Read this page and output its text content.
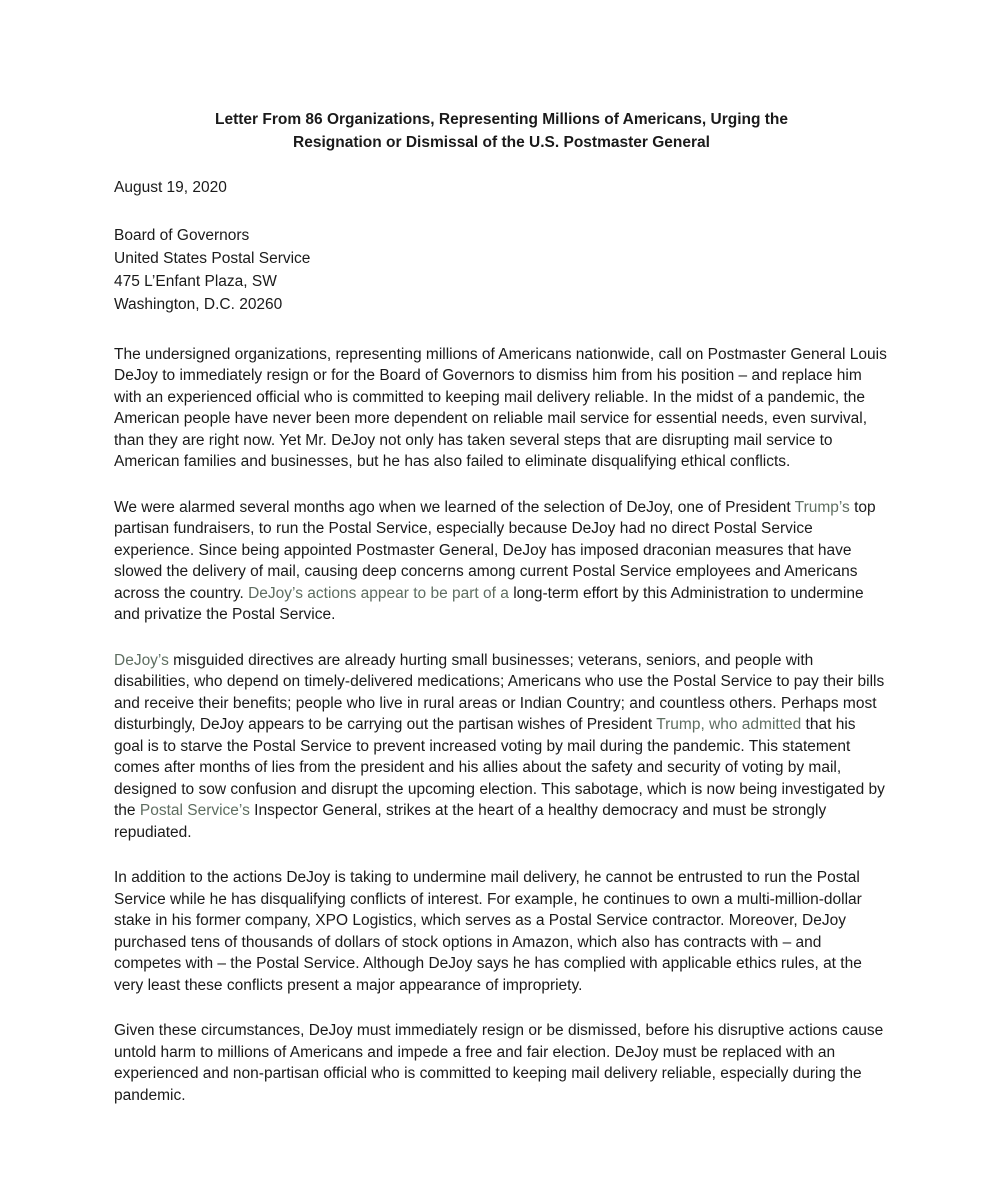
Letter From 86 Organizations, Representing Millions of Americans, Urging the
Resignation or Dismissal of the U.S. Postmaster General
August 19, 2020
Board of Governors
United States Postal Service
475 L’Enfant Plaza, SW
Washington, D.C. 20260

The undersigned organizations, representing millions of Americans nationwide, call on Postmaster General Louis DeJoy to immediately resign or for the Board of Governors to dismiss him from his position – and replace him with an experienced official who is committed to keeping mail delivery reliable. In the midst of a pandemic, the American people have never been more dependent on reliable mail service for essential needs, even survival, than they are right now. Yet Mr. DeJoy not only has taken several steps that are disrupting mail service to American families and businesses, but he has also failed to eliminate disqualifying ethical conflicts.

We were alarmed several months ago when we learned of the selection of DeJoy, one of President Trump’s top partisan fundraisers, to run the Postal Service, especially because DeJoy had no direct Postal Service experience. Since being appointed Postmaster General, DeJoy has imposed draconian measures that have slowed the delivery of mail, causing deep concerns among current Postal Service employees and Americans across the country. DeJoy’s actions appear to be part of a long-term effort by this Administration to undermine and privatize the Postal Service.

DeJoy’s misguided directives are already hurting small businesses; veterans, seniors, and people with disabilities, who depend on timely-delivered medications; Americans who use the Postal Service to pay their bills and receive their benefits; people who live in rural areas or Indian Country; and countless others. Perhaps most disturbingly, DeJoy appears to be carrying out the partisan wishes of President Trump, who admitted that his goal is to starve the Postal Service to prevent increased voting by mail during the pandemic. This statement comes after months of lies from the president and his allies about the safety and security of voting by mail, designed to sow confusion and disrupt the upcoming election. This sabotage, which is now being investigated by the Postal Service’s Inspector General, strikes at the heart of a healthy democracy and must be strongly repudiated.

In addition to the actions DeJoy is taking to undermine mail delivery, he cannot be entrusted to run the Postal Service while he has disqualifying conflicts of interest. For example, he continues to own a multi-million-dollar stake in his former company, XPO Logistics, which serves as a Postal Service contractor. Moreover, DeJoy purchased tens of thousands of dollars of stock options in Amazon, which also has contracts with – and competes with – the Postal Service. Although DeJoy says he has complied with applicable ethics rules, at the very least these conflicts present a major appearance of impropriety.

Given these circumstances, DeJoy must immediately resign or be dismissed, before his disruptive actions cause untold harm to millions of Americans and impede a free and fair election. DeJoy must be replaced with an experienced and non-partisan official who is committed to keeping mail delivery reliable, especially during the pandemic.
